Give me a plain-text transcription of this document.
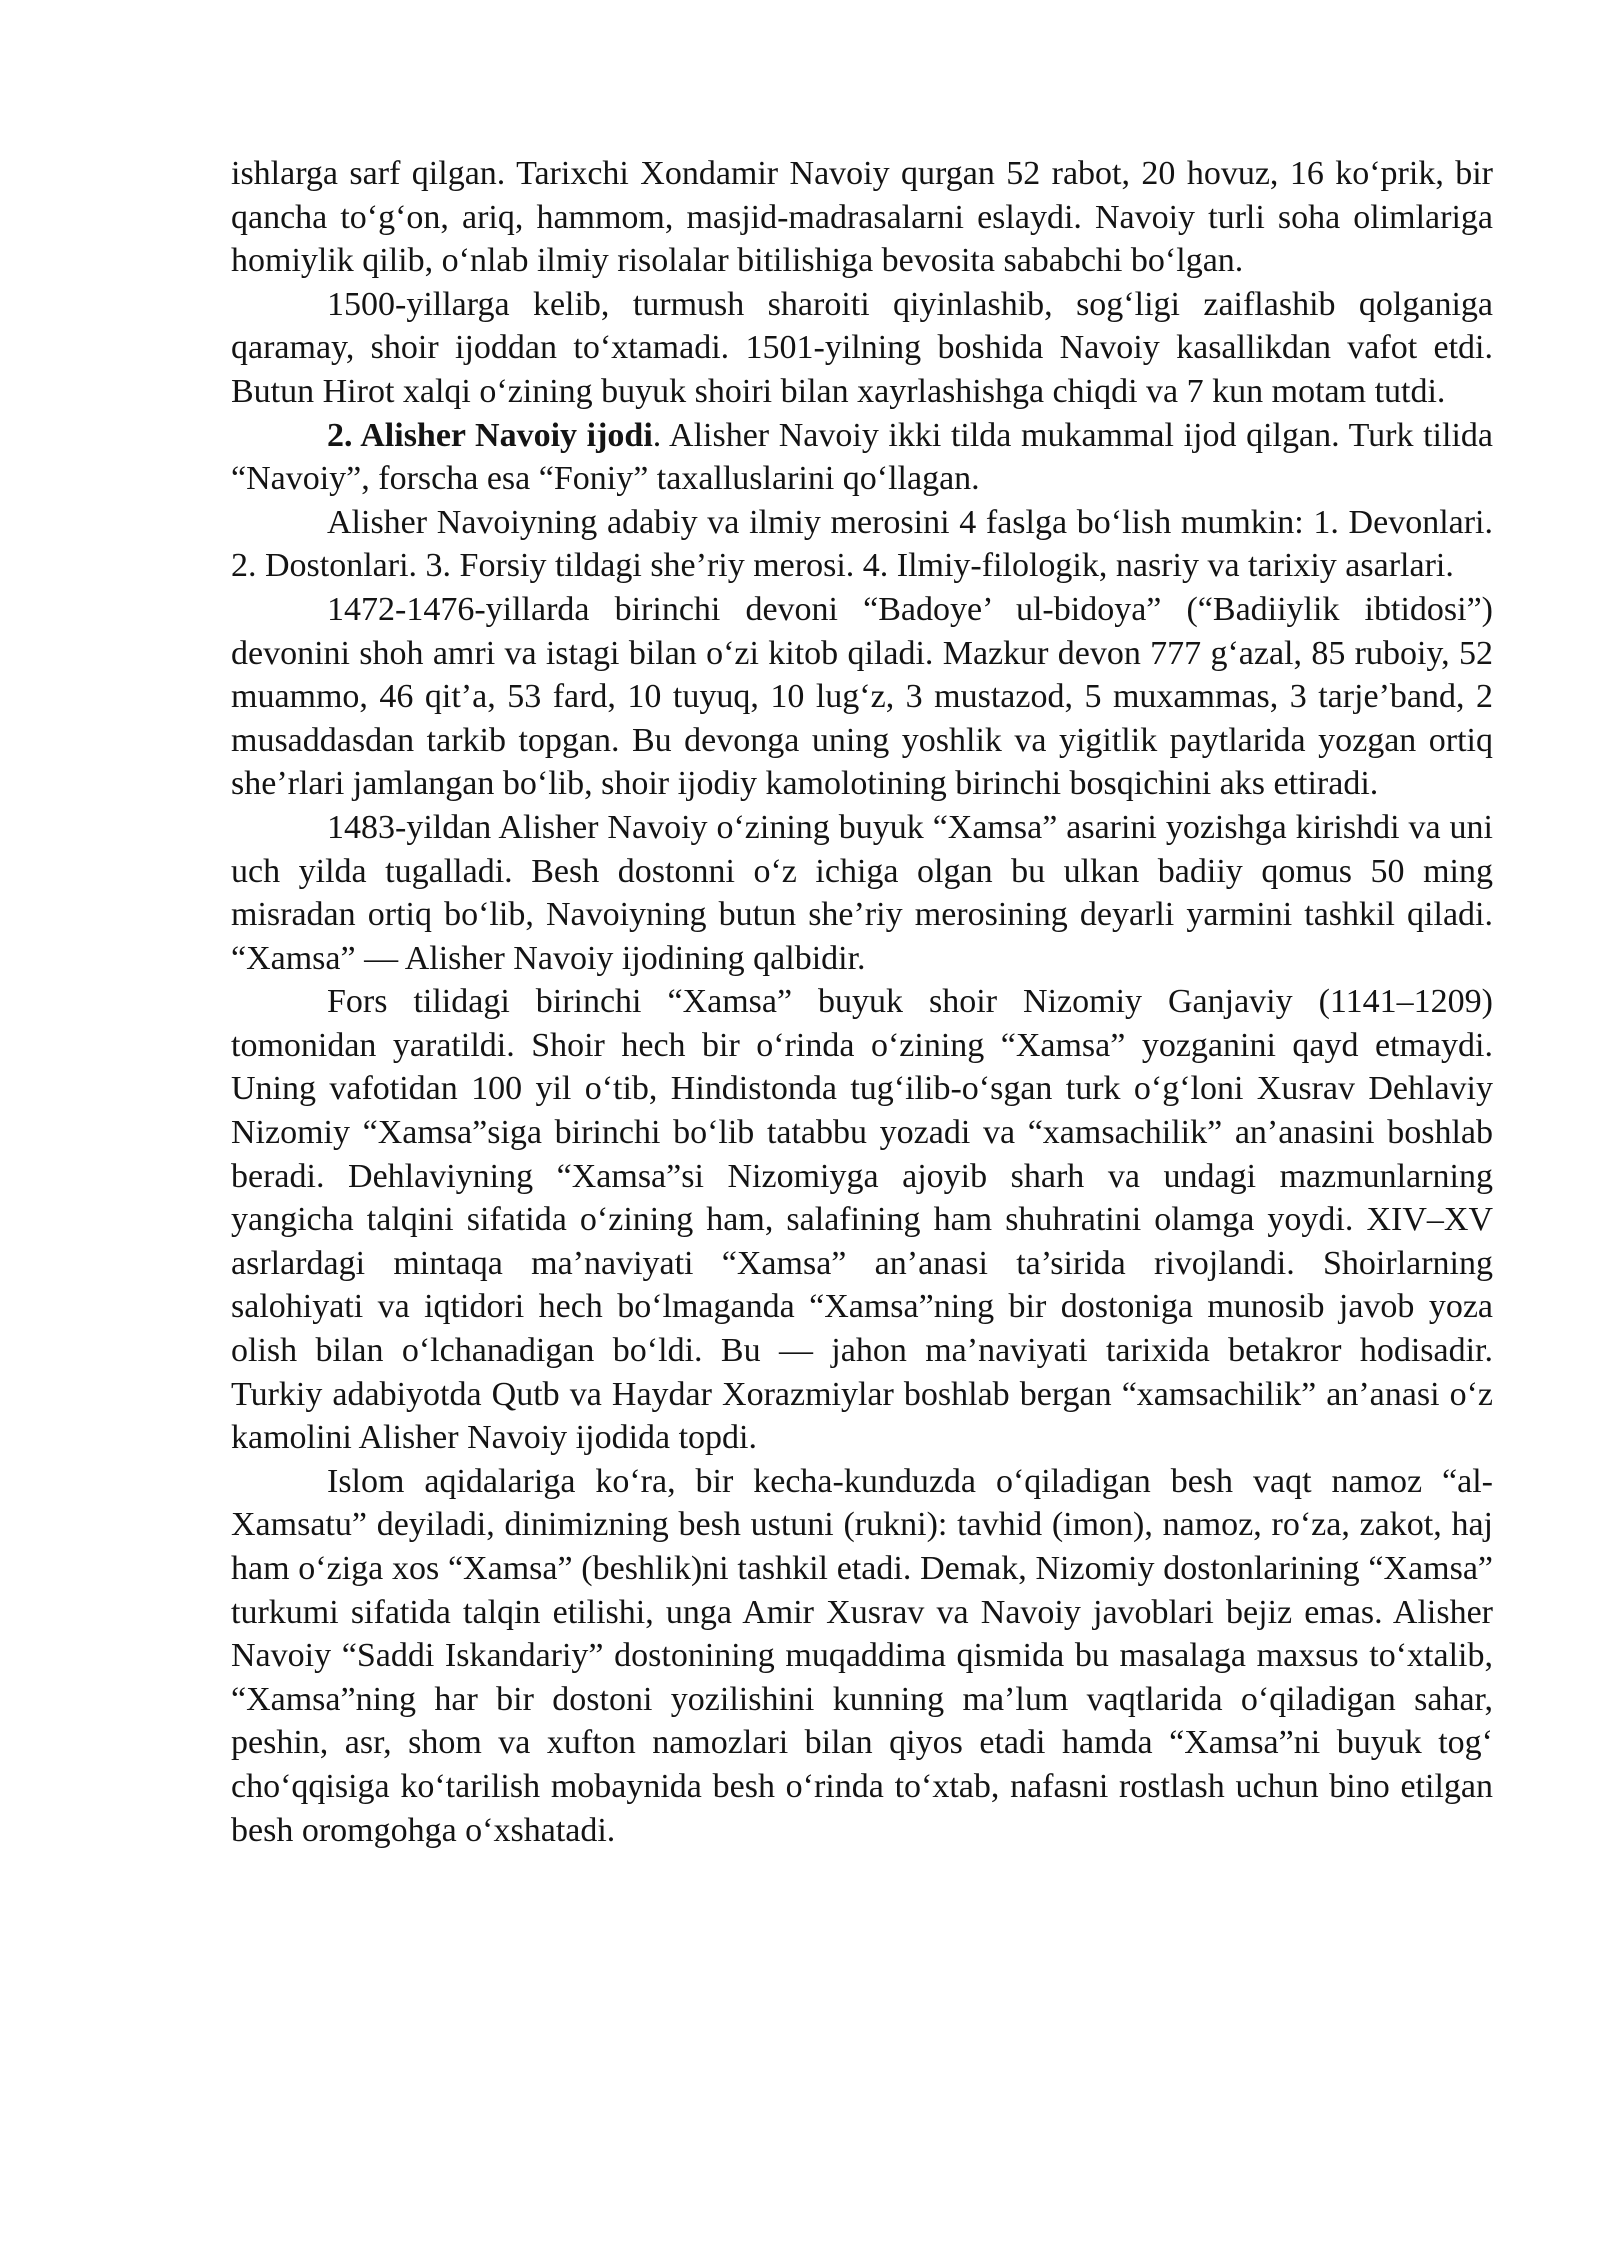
ishlarga sarf qilgan. Tarixchi Xondamir Navoiy qurgan 52 rabot, 20 hovuz, 16 ko‘prik, bir qancha to‘g‘on, ariq, hammom, masjid-madrasalarni eslaydi. Navoiy turli soha olimlariga homiylik qilib, o‘nlab ilmiy risolalar bitilishiga bevosita sababchi bo‘lgan.

1500-yillarga kelib, turmush sharoiti qiyinlashib, sog‘ligi zaiflashib qolganiga qaramay, shoir ijoddan to‘xtamadi. 1501-yilning boshida Navoiy kasallikdan vafot etdi. Butun Hirot xalqi o‘zining buyuk shoiri bilan xayrlashishga chiqdi va 7 kun motam tutdi.

2. Alisher Navoiy ijodi. Alisher Navoiy ikki tilda mukammal ijod qilgan. Turk tilida “Navoiy”, forscha esa “Foniy” taxalluslarini qo‘llagan.

Alisher Navoiyning adabiy va ilmiy merosini 4 faslga bo‘lish mumkin: 1. Devonlari. 2. Dostonlari. 3. Forsiy tildagi she’riy merosi. 4. Ilmiy-filologik, nasriy va tarixiy asarlari.

1472-1476-yillarda birinchi devoni “Badoye’ ul-bidoya” (“Badiiylik ibtidosi”) devonini shoh amri va istagi bilan o‘zi kitob qiladi. Mazkur devon 777 g‘azal, 85 ruboiy, 52 muammo, 46 qit’a, 53 fard, 10 tuyuq, 10 lug‘z, 3 mustazod, 5 muxammas, 3 tarje’band, 2 musaddasdan tarkib topgan. Bu devonga uning yoshlik va yigitlik paytlarida yozgan ortiq she’rlari jamlangan bo‘lib, shoir ijodiy kamolotining birinchi bosqichini aks ettiradi.

1483-yildan Alisher Navoiy o‘zining buyuk “Xamsa” asarini yozishga kirishdi va uni uch yilda tugalladi. Besh dostonni o‘z ichiga olgan bu ulkan badiiy qomus 50 ming misradan ortiq bo‘lib, Navoiyning butun she’riy merosining deyarli yarmini tashkil qiladi. “Xamsa” — Alisher Navoiy ijodining qalbidir.

Fors tilidagi birinchi “Xamsa” buyuk shoir Nizomiy Ganjaviy (1141–1209) tomonidan yaratildi. Shoir hech bir o‘rinda o‘zining “Xamsa” yozganini qayd etmaydi. Uning vafotidan 100 yil o‘tib, Hindistonda tug‘ilib-o‘sgan turk o‘g‘loni Xusrav Dehlaviy Nizomiy “Xamsa”siga birinchi bo‘lib tatabbu yozadi va “xamsachilik” an’anasini boshlab beradi. Dehlaviyning “Xamsa”si Nizomiyga ajoyib sharh va undagi mazmunlarning yangicha talqini sifatida o‘zining ham, salafining ham shuhratini olamga yoydi. XIV–XV asrlardagi mintaqa ma’naviyati “Xamsa” an’anasi ta’sirida rivojlandi. Shoirlarning salohiyati va iqtidori hech bo‘lmaganda “Xamsa”ning bir dostoniga munosib javob yoza olish bilan o‘lchanadigan bo‘ldi. Bu — jahon ma’naviyati tarixida betakror hodisadir. Turkiy adabiyotda Qutb va Haydar Xorazmiylar boshlab bergan “xamsachilik” an’anasi o‘z kamolini Alisher Navoiy ijodida topdi.

Islom aqidalariga ko‘ra, bir kecha-kunduzda o‘qiladigan besh vaqt namoz “al-Xamsatu” deyiladi, dinimizning besh ustuni (rukni): tavhid (imon), namoz, ro‘za, zakot, haj ham o‘ziga xos “Xamsa” (beshlik)ni tashkil etadi. Demak, Nizomiy dostonlarining “Xamsa” turkumi sifatida talqin etilishi, unga Amir Xusrav va Navoiy javoblari bejiz emas. Alisher Navoiy “Saddi Iskandariy” dostonining muqaddima qismida bu masalaga maxsus to‘xtalib, “Xamsa”ning har bir dostoni yozilishini kunning ma’lum vaqtlarida o‘qiladigan sahar, peshin, asr, shom va xufton namozlari bilan qiyos etadi hamda “Xamsa”ni buyuk tog‘ cho‘qqisiga ko‘tarilish mobaynida besh o‘rinda to‘xtab, nafasni rostlash uchun bino etilgan besh oromgohga o‘xshatadi.
